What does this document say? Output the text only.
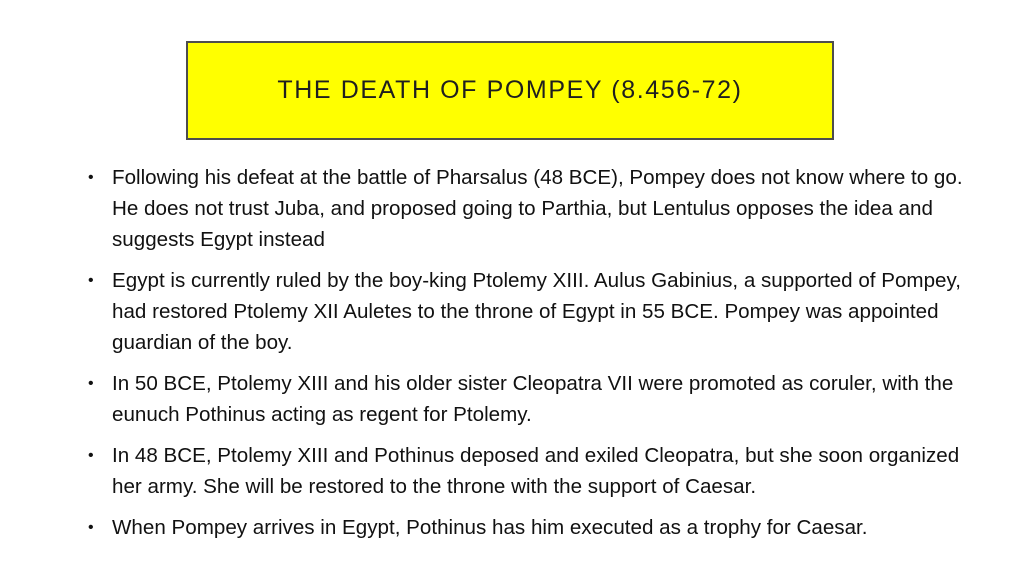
THE DEATH OF POMPEY (8.456-72)
• Following his defeat at the battle of Pharsalus (48 BCE), Pompey does not know where to go. He does not trust Juba, and proposed going to Parthia, but Lentulus opposes the idea and suggests Egypt instead
• Egypt is currently ruled by the boy-king Ptolemy XIII. Aulus Gabinius, a supported of Pompey, had restored Ptolemy XII Auletes to the throne of Egypt in 55 BCE. Pompey was appointed guardian of the boy.
• In 50 BCE, Ptolemy XIII and his older sister Cleopatra VII were promoted as coruler, with the eunuch Pothinus acting as regent for Ptolemy.
• In 48 BCE, Ptolemy XIII and Pothinus deposed and exiled Cleopatra, but she soon organized her army. She will be restored to the throne with the support of Caesar.
• When Pompey arrives in Egypt, Pothinus has him executed as a trophy for Caesar.
